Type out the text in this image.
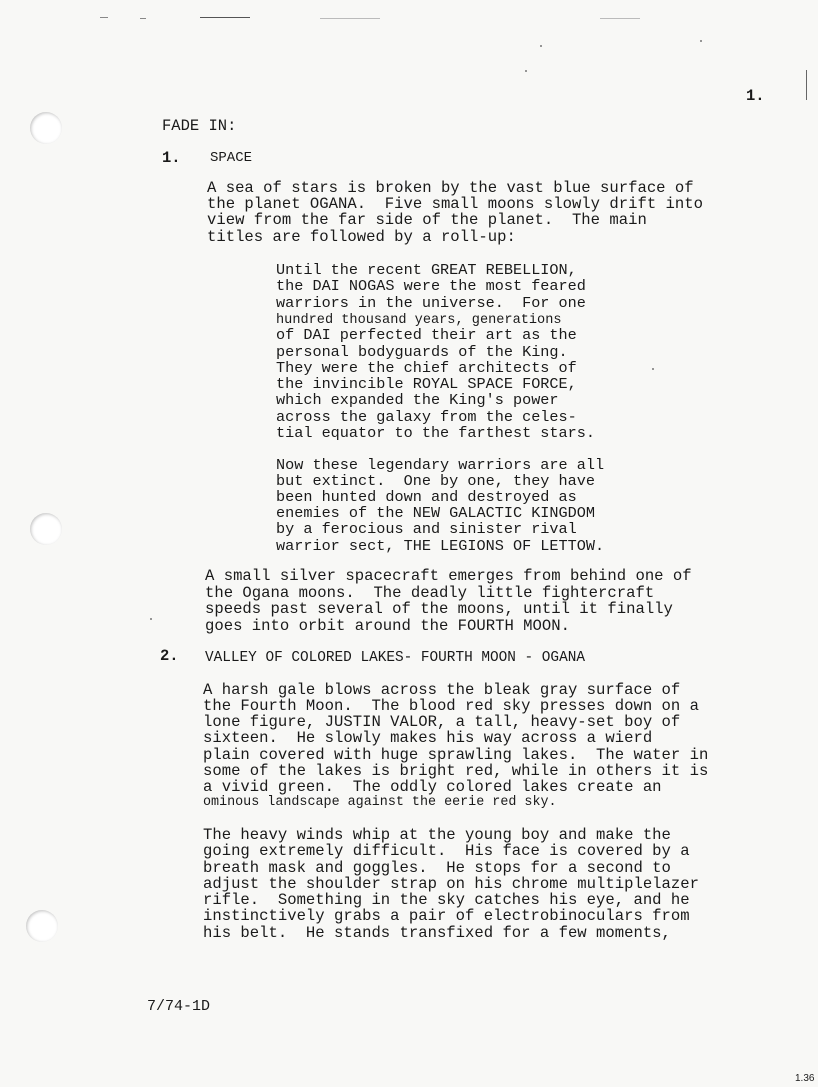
1.
FADE IN:
1. SPACE
A sea of stars is broken by the vast blue surface of
the planet OGANA.  Five small moons slowly drift into
view from the far side of the planet.  The main
titles are followed by a roll-up:
Until the recent GREAT REBELLION,
the DAI NOGAS were the most feared
warriors in the universe.  For one
hundred thousand years, generations
of DAI perfected their art as the
personal bodyguards of the King.
They were the chief architects of
the invincible ROYAL SPACE FORCE,
which expanded the King's power
across the galaxy from the celes-
tial equator to the farthest stars.
Now these legendary warriors are all
but extinct.  One by one, they have
been hunted down and destroyed as
enemies of the NEW GALACTIC KINGDOM
by a ferocious and sinister rival
warrior sect, THE LEGIONS OF LETTOW.
A small silver spacecraft emerges from behind one of
the Ogana moons.  The deadly little fightercraft
speeds past several of the moons, until it finally
goes into orbit around the FOURTH MOON.
2. VALLEY OF COLORED LAKES- FOURTH MOON - OGANA
A harsh gale blows across the bleak gray surface of
the Fourth Moon.  The blood red sky presses down on a
lone figure, JUSTIN VALOR, a tall, heavy-set boy of
sixteen.  He slowly makes his way across a wierd
plain covered with huge sprawling lakes.  The water in
some of the lakes is bright red, while in others it is
a vivid green.  The oddly colored lakes create an
ominous landscape against the eerie red sky.
The heavy winds whip at the young boy and make the
going extremely difficult.  His face is covered by a
breath mask and goggles.  He stops for a second to
adjust the shoulder strap on his chrome multiplelazer
rifle.  Something in the sky catches his eye, and he
instinctively grabs a pair of electrobinoculars from
his belt.  He stands transfixed for a few moments,
7/74-1D
1.36
